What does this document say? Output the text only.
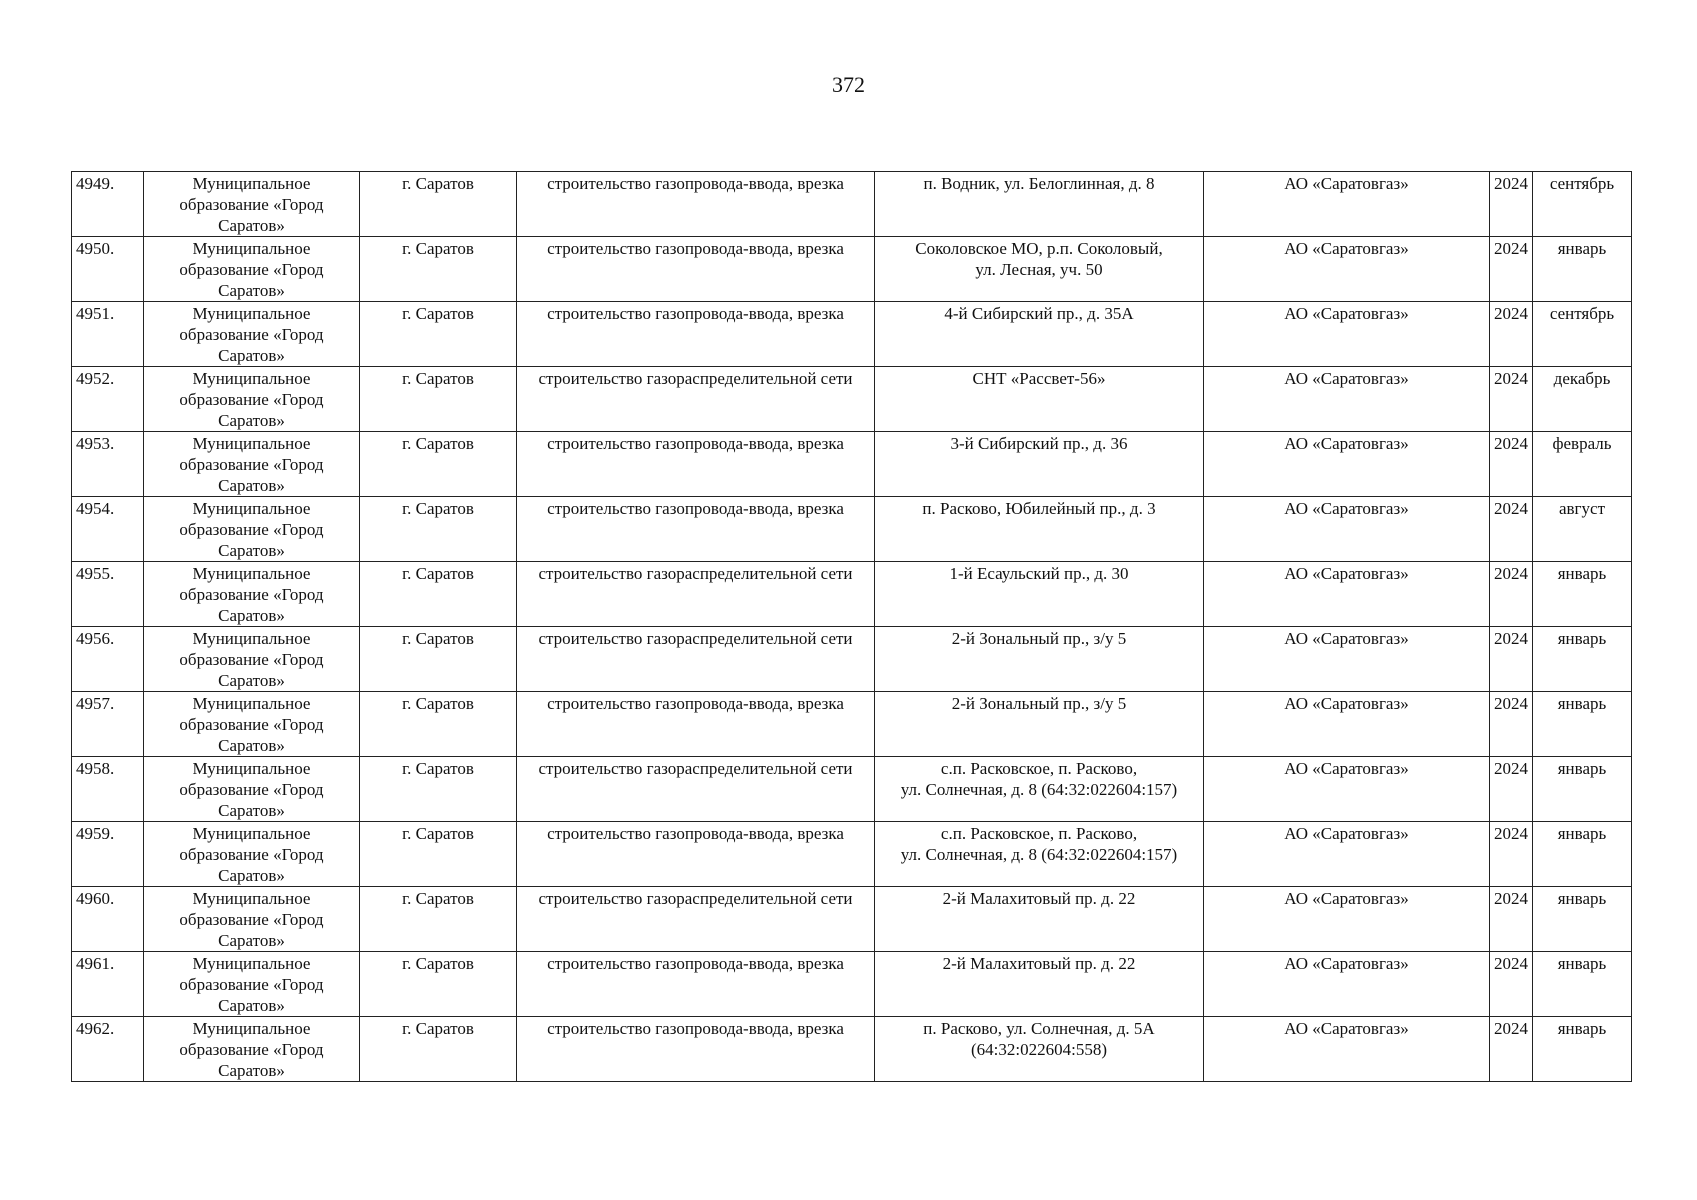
372
4949.	Муниципальное образование «Город Саратов»	г. Саратов	строительство газопровода-ввода, врезка	п. Водник, ул. Белоглинная, д. 8	АО «Саратовгаз»	2024	сентябрь
4950.	Муниципальное образование «Город Саратов»	г. Саратов	строительство газопровода-ввода, врезка	Соколовское МО, р.п. Соколовый,
ул. Лесная, уч. 50	АО «Саратовгаз»	2024	январь
4951.	Муниципальное образование «Город Саратов»	г. Саратов	строительство газопровода-ввода, врезка	4-й Сибирский пр., д. 35А	АО «Саратовгаз»	2024	сентябрь
4952.	Муниципальное образование «Город Саратов»	г. Саратов	строительство газораспределительной сети	СНТ «Рассвет-56»	АО «Саратовгаз»	2024	декабрь
4953.	Муниципальное образование «Город Саратов»	г. Саратов	строительство газопровода-ввода, врезка	3-й Сибирский пр., д. 36	АО «Саратовгаз»	2024	февраль
4954.	Муниципальное образование «Город Саратов»	г. Саратов	строительство газопровода-ввода, врезка	п. Расково, Юбилейный пр., д. 3	АО «Саратовгаз»	2024	август
4955.	Муниципальное образование «Город Саратов»	г. Саратов	строительство газораспределительной сети	1-й Есаульский пр., д. 30	АО «Саратовгаз»	2024	январь
4956.	Муниципальное образование «Город Саратов»	г. Саратов	строительство газораспределительной сети	2-й Зональный пр., з/у 5	АО «Саратовгаз»	2024	январь
4957.	Муниципальное образование «Город Саратов»	г. Саратов	строительство газопровода-ввода, врезка	2-й Зональный пр., з/у 5	АО «Саратовгаз»	2024	январь
4958.	Муниципальное образование «Город Саратов»	г. Саратов	строительство газораспределительной сети	с.п. Расковское, п. Расково,
ул. Солнечная, д. 8 (64:32:022604:157)	АО «Саратовгаз»	2024	январь
4959.	Муниципальное образование «Город Саратов»	г. Саратов	строительство газопровода-ввода, врезка	с.п. Расковское, п. Расково,
ул. Солнечная, д. 8 (64:32:022604:157)	АО «Саратовгаз»	2024	январь
4960.	Муниципальное образование «Город Саратов»	г. Саратов	строительство газораспределительной сети	2-й Малахитовый пр. д. 22	АО «Саратовгаз»	2024	январь
4961.	Муниципальное образование «Город Саратов»	г. Саратов	строительство газопровода-ввода, врезка	2-й Малахитовый пр. д. 22	АО «Саратовгаз»	2024	январь
4962.	Муниципальное образование «Город Саратов»	г. Саратов	строительство газопровода-ввода, врезка	п. Расково, ул. Солнечная, д. 5А
(64:32:022604:558)	АО «Саратовгаз»	2024	январь
